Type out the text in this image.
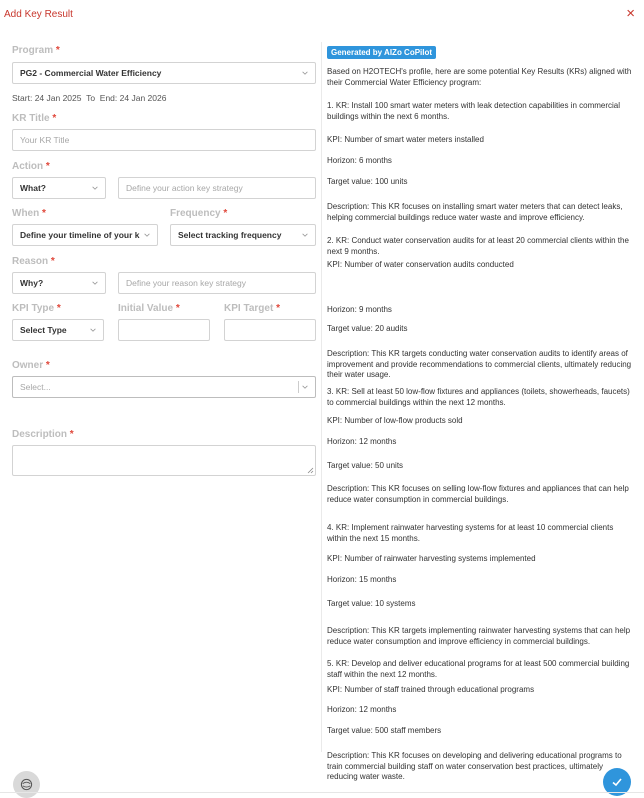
Add Key Result	×
Program *
PG2 - Commercial Water Efficiency
Start: 24 Jan 2025 To End: 24 Jan 2026
KR Title *
Your KR Title
Action *
What?	Define your action key strategy
When *	Frequency *
Define your timeline of your k	Select tracking frequency
Reason *
Why?	Define your reason key strategy
KPI Type *	Initial Value *	KPI Target *
Select Type
Owner *
Select...
Description *
Generated by AIZo CoPilot

Based on H2OTECH's profile, here are some potential Key Results (KRs) aligned with their Commercial Water Efficiency program:

1. KR: Install 100 smart water meters with leak detection capabilities in commercial buildings within the next 6 months.

KPI: Number of smart water meters installed

Horizon: 6 months

Target value: 100 units

Description: This KR focuses on installing smart water meters that can detect leaks, helping commercial buildings reduce water waste and improve efficiency.

2. KR: Conduct water conservation audits for at least 20 commercial clients within the next 9 months.

KPI: Number of water conservation audits conducted

Horizon: 9 months

Target value: 20 audits

Description: This KR targets conducting water conservation audits to identify areas of improvement and provide recommendations to commercial clients, ultimately reducing their water usage.

3. KR: Sell at least 50 low-flow fixtures and appliances (toilets, showerheads, faucets) to commercial buildings within the next 12 months.

KPI: Number of low-flow products sold

Horizon: 12 months

Target value: 50 units

Description: This KR focuses on selling low-flow fixtures and appliances that can help reduce water consumption in commercial buildings.

4. KR: Implement rainwater harvesting systems for at least 10 commercial clients within the next 15 months.

KPI: Number of rainwater harvesting systems implemented

Horizon: 15 months

Target value: 10 systems

Description: This KR targets implementing rainwater harvesting systems that can help reduce water consumption and improve efficiency in commercial buildings.

5. KR: Develop and deliver educational programs for at least 500 commercial building staff within the next 12 months.

KPI: Number of staff trained through educational programs

Horizon: 12 months

Target value: 500 staff members

Description: This KR focuses on developing and delivering educational programs to train commercial building staff on water conservation best practices, ultimately reducing water waste.
